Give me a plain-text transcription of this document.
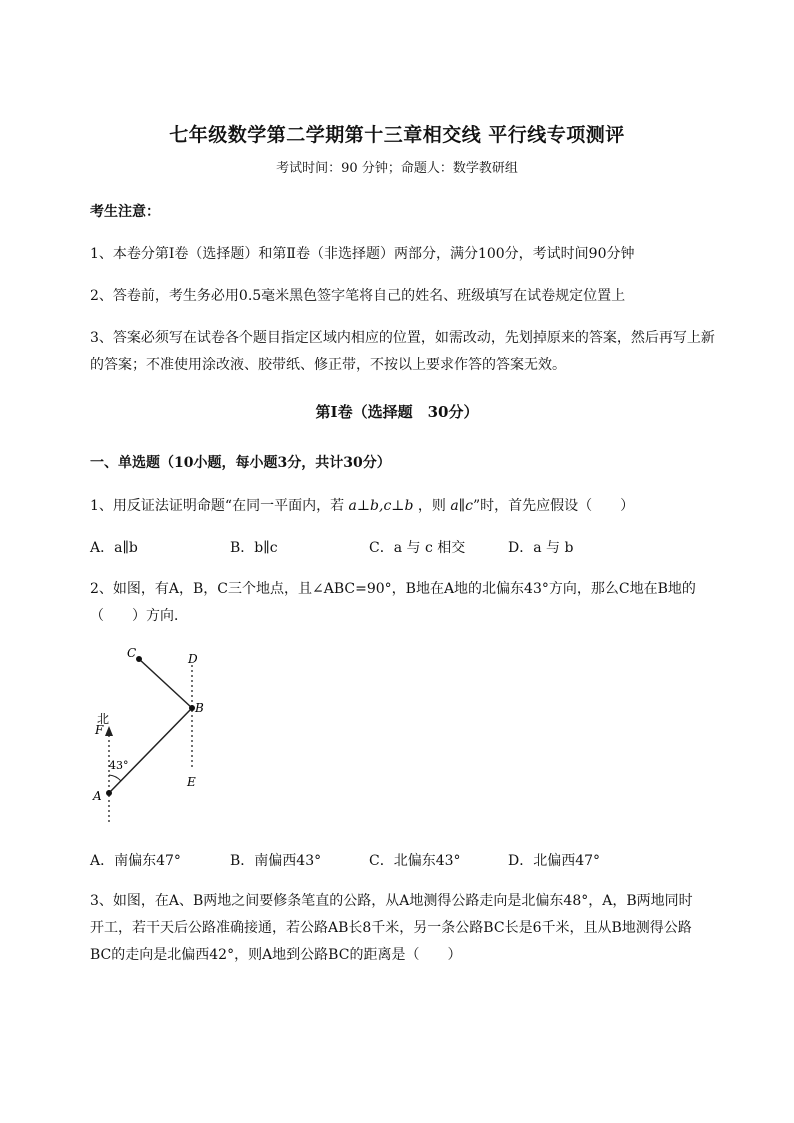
七年级数学第二学期第十三章相交线 平行线专项测评
考试时间：90 分钟；命题人：数学教研组
考生注意：
1、本卷分第Ⅰ卷（选择题）和第Ⅱ卷（非选择题）两部分，满分100分，考试时间90分钟
2、答卷前，考生务必用0.5毫米黑色签字笔将自己的姓名、班级填写在试卷规定位置上
3、答案必须写在试卷各个题目指定区域内相应的位置，如需改动，先划掉原来的答案，然后再写上新
的答案；不准使用涂改液、胶带纸、修正带，不按以上要求作答的答案无效。
第Ⅰ卷（选择题　30分）
一、单选题（10小题，每小题3分，共计30分）
1、用反证法证明命题“在同一平面内，若 a⊥b,c⊥b ，则 a∥c”时，首先应假设（　　）
A．a∥b	B．b∥c	C．a 与 c 相交	D．a 与 b
2、如图，有A，B，C三个地点，且∠ABC=90°，B地在A地的北偏东43°方向，那么C地在B地的
（　　）方向．
C	D
B
北
F
43°
A
E
A．南偏东47°	B．南偏西43°	C．北偏东43°	D．北偏西47°
3、如图，在A、B两地之间要修条笔直的公路，从A地测得公路走向是北偏东48°，A，B两地同时
开工，若干天后公路准确接通，若公路AB长8千米，另一条公路BC长是6千米，且从B地测得公路
BC的走向是北偏西42°，则A地到公路BC的距离是（　　）
